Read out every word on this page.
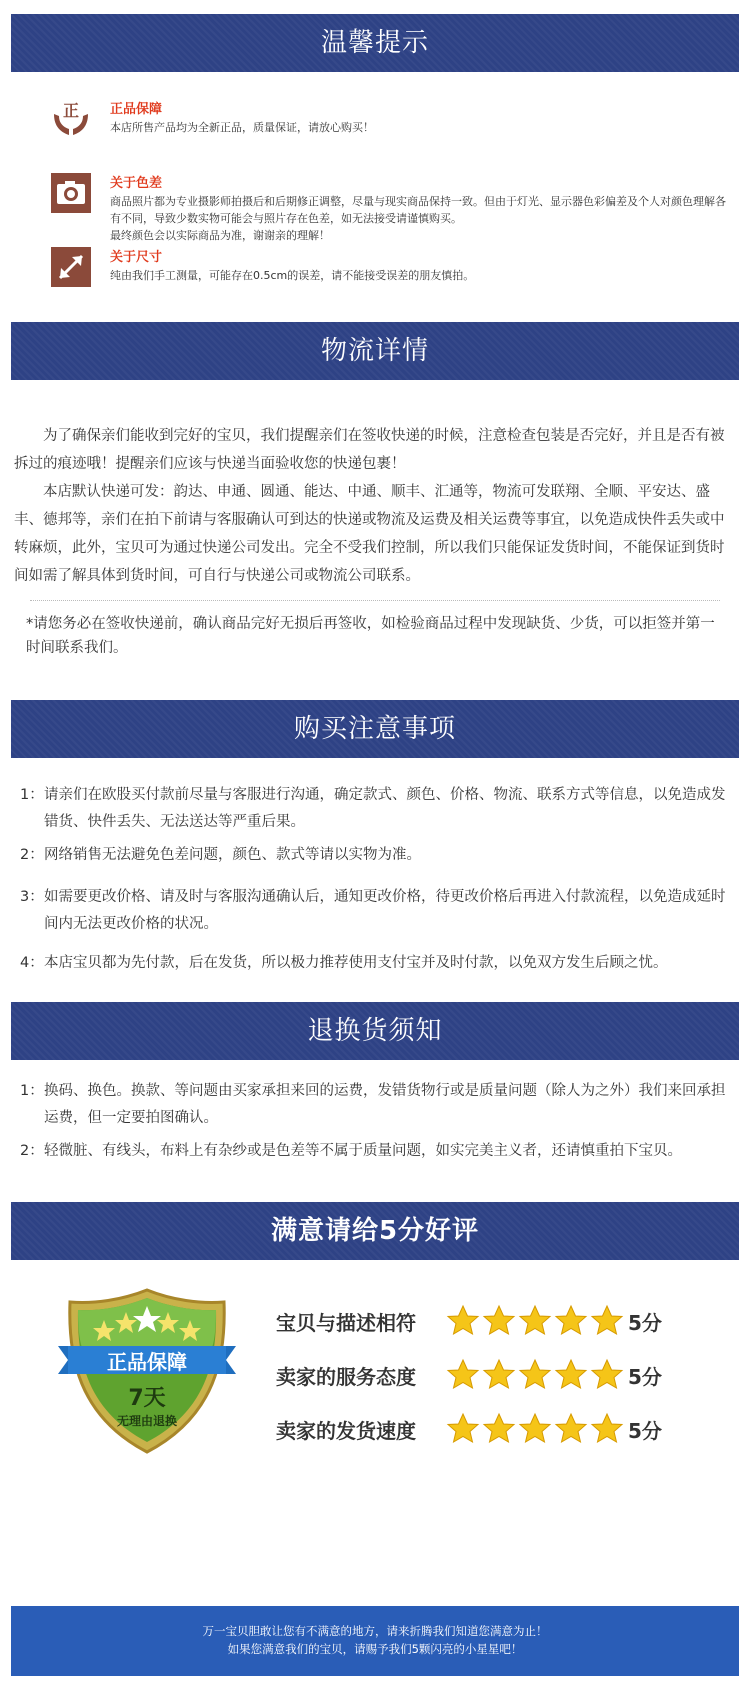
温馨提示
正 正品保障
本店所售产品均为全新正品，质量保证，请放心购买！
关于色差
商品照片都为专业摄影师拍摄后和后期修正调整，尽量与现实商品保持一致。但由于灯光、显示器色彩偏差及个人对颜色理解各有不同，导致少数实物可能会与照片存在色差，如无法接受请谨慎购买。
最终颜色会以实际商品为准，谢谢亲的理解！
关于尺寸
纯由我们手工测量，可能存在0.5cm的误差，请不能接受误差的朋友慎拍。
物流详情
为了确保亲们能收到完好的宝贝，我们提醒亲们在签收快递的时候，注意检查包装是否完好，并且是否有被拆过的痕迹哦！提醒亲们应该与快递当面验收您的快递包裹！
本店默认快递可发：韵达、申通、圆通、能达、中通、顺丰、汇通等，物流可发联翔、全顺、平安达、盛丰、德邦等，亲们在拍下前请与客服确认可到达的快递或物流及运费及相关运费等事宜，以免造成快件丢失或中转麻烦，此外，宝贝可为通过快递公司发出。完全不受我们控制，所以我们只能保证发货时间，不能保证到货时间如需了解具体到货时间，可自行与快递公司或物流公司联系。
*请您务必在签收快递前，确认商品完好无损后再签收，如检验商品过程中发现缺货、少货，可以拒签并第一时间联系我们。
购买注意事项
1： 请亲们在欧股买付款前尽量与客服进行沟通，确定款式、颜色、价格、物流、联系方式等信息，以免造成发错货、快件丢失、无法送达等严重后果。
2： 网络销售无法避免色差问题，颜色、款式等请以实物为准。
3： 如需要更改价格、请及时与客服沟通确认后，通知更改价格，待更改价格后再进入付款流程，以免造成延时间内无法更改价格的状况。
4： 本店宝贝都为先付款，后在发货，所以极力推荐使用支付宝并及时付款，以免双方发生后顾之忧。
退换货须知
1： 换码、换色。换款、等问题由买家承担来回的运费，发错货物行或是质量问题（除人为之外）我们来回承担运费，但一定要拍图确认。
2： 轻微脏、有线头，布料上有杂纱或是色差等不属于质量问题，如实完美主义者，还请慎重拍下宝贝。
满意请给5分好评
正品保障
7天
无理由退换
宝贝与描述相符	5分
卖家的服务态度	5分
卖家的发货速度	5分
万一宝贝胆敢让您有不满意的地方，请来折腾我们知道您满意为止！
如果您满意我们的宝贝，请赐予我们5颗闪亮的小星星吧！
